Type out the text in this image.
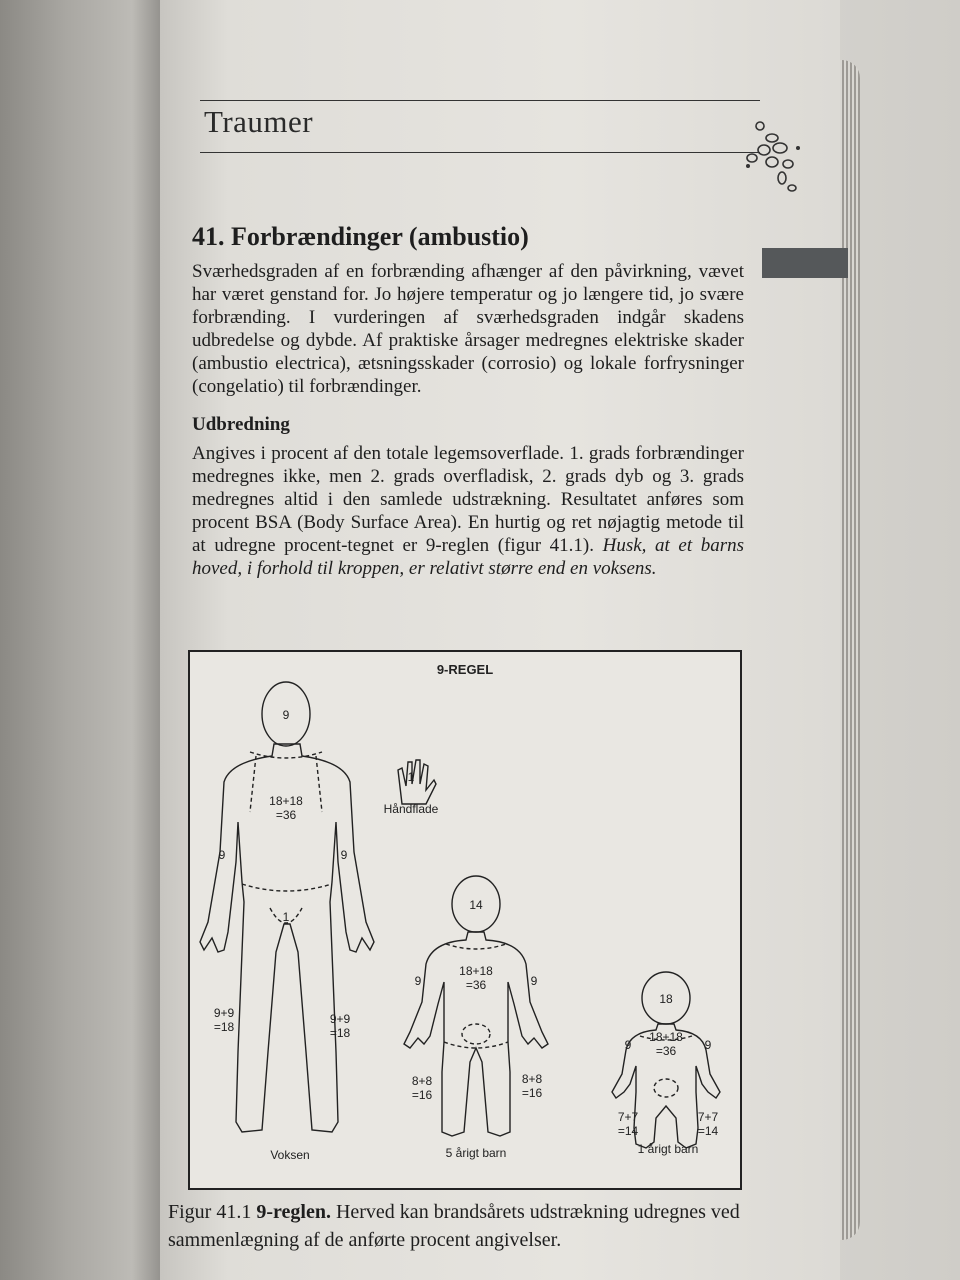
Traumer
41. Forbrændinger (ambustio)

Sværhedsgraden af en forbrænding afhænger af den påvirkning, vævet har været genstand for. Jo højere temperatur og jo længere tid, jo svære forbrænding. I vurderingen af sværhedsgraden indgår skadens udbredelse og dybde. Af praktiske årsager medregnes elektriske skader (ambustio electrica), ætsningsskader (corrosio) og lokale forfrysninger (congelatio) til forbrændinger.

Udbredning

Angives i procent af den totale legemsoverflade. 1. grads forbrændinger medregnes ikke, men 2. grads overfladisk, 2. grads dyb og 3. grads medregnes altid i den samlede udstrækning. Resultatet anføres som procent BSA (Body Surface Area). En hurtig og ret nøjagtig metode til at udregne procent-tegnet er 9-reglen (figur 41.1). Husk, at et barns hoved, i forhold til kroppen, er relativt større end en voksens.

9-REGEL
1
Håndflade
9
18+18
=36
9	9
1
9+9
=18
9+9
=18
Voksen
14
18+18
=36
9	9
8+8
=16
8+8
=16
5 årigt barn
18
18+18
=36
9	9
7+7
=14
7+7
=14
1 årigt barn
Figur 41.1 9-reglen. Herved kan brandsårets udstrækning udregnes ved sammenlægning af de anførte procent angivelser.
